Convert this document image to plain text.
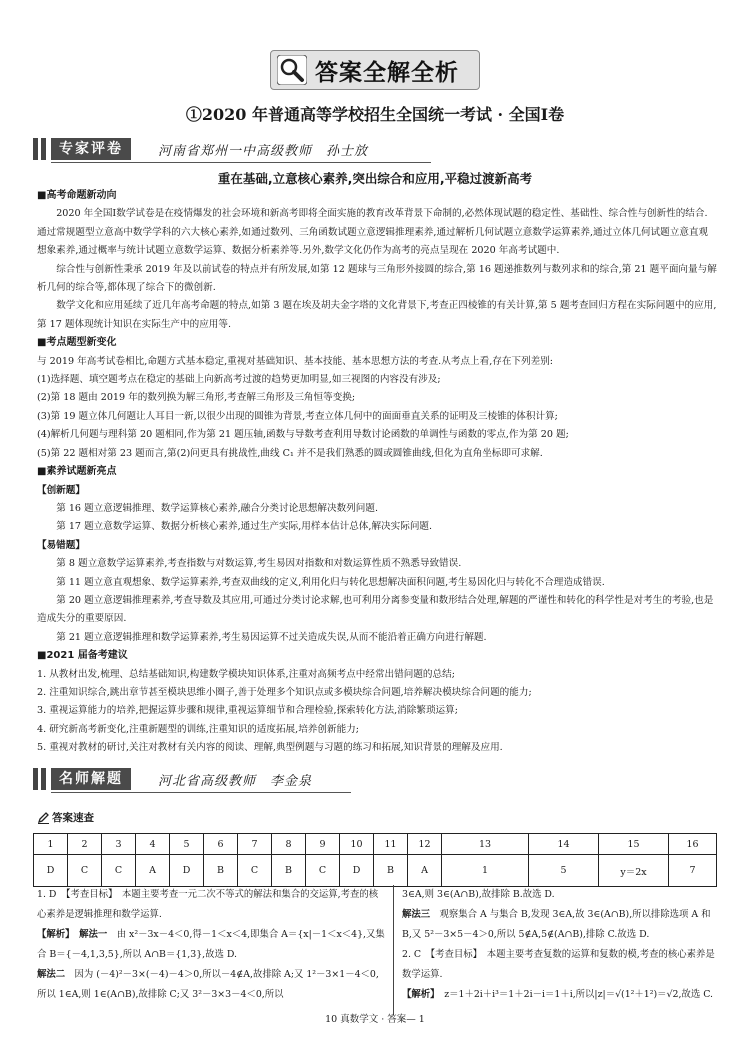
答案全解全析
①2020 年普通高等学校招生全国统一考试 · 全国Ⅰ卷
专家评卷	河南省郑州一中高级教师　孙士放
重在基础,立意核心素养,突出综合和应用,平稳过渡新高考

■高考命题新动向

2020 年全国Ⅰ数学试卷是在疫情爆发的社会环境和新高考即将全面实施的教育改革背景下命制的,必然体现试题的稳定性、基础性、综合性与创新性的结合.通过常规题型立意高中数学学科的六大核心素养,如通过数列、三角函数试题立意逻辑推理素养,通过解析几何试题立意数学运算素养,通过立体几何试题立意直观想象素养,通过概率与统计试题立意数学运算、数据分析素养等.另外,数学文化仍作为高考的亮点呈现在 2020 年高考试题中.

综合性与创新性秉承 2019 年及以前试卷的特点并有所发展,如第 12 题球与三角形外接圆的综合,第 16 题递推数列与数列求和的综合,第 21 题平面向量与解析几何的综合等,都体现了综合下的微创新.

数学文化和应用延续了近几年高考命题的特点,如第 3 题在埃及胡夫金字塔的文化背景下,考查正四棱锥的有关计算,第 5 题考查回归方程在实际问题中的应用,第 17 题体现统计知识在实际生产中的应用等.

■考点题型新变化

与 2019 年高考试卷相比,命题方式基本稳定,重视对基础知识、基本技能、基本思想方法的考查.从考点上看,存在下列差别:

(1)选择题、填空题考点在稳定的基础上向新高考过渡的趋势更加明显,如三视图的内容没有涉及;

(2)第 18 题由 2019 年的数列换为解三角形,考查解三角形及三角恒等变换;

(3)第 19 题立体几何题让人耳目一新,以很少出现的圆锥为背景,考查立体几何中的面面垂直关系的证明及三棱锥的体积计算;

(4)解析几何题与理科第 20 题相同,作为第 21 题压轴,函数与导数考查利用导数讨论函数的单调性与函数的零点,作为第 20 题;

(5)第 22 题相对第 23 题而言,第(2)问更具有挑战性,曲线 C₁ 并不是我们熟悉的圆或圆锥曲线,但化为直角坐标即可求解.

■素养试题新亮点

【创新题】

第 16 题立意逻辑推理、数学运算核心素养,融合分类讨论思想解决数列问题.

第 17 题立意数学运算、数据分析核心素养,通过生产实际,用样本估计总体,解决实际问题.

【易错题】

第 8 题立意数学运算素养,考查指数与对数运算,考生易因对指数和对数运算性质不熟悉导致错误.

第 11 题立意直观想象、数学运算素养,考查双曲线的定义,利用化归与转化思想解决面积问题,考生易因化归与转化不合理造成错误.

第 20 题立意逻辑推理素养,考查导数及其应用,可通过分类讨论求解,也可利用分离参变量和数形结合处理,解题的严谨性和转化的科学性是对考生的考验,也是造成失分的重要原因.

第 21 题立意逻辑推理和数学运算素养,考生易因运算不过关造成失误,从而不能沿着正确方向进行解题.

■2021 届备考建议

1. 从教材出发,梳理、总结基础知识,构建数学模块知识体系,注重对高频考点中经常出错问题的总结;

2. 注重知识综合,跳出章节甚至模块思维小圈子,善于处理多个知识点或多模块综合问题,培养解决模块综合问题的能力;

3. 重视运算能力的培养,把握运算步骤和规律,重视运算细节和合理检验,探索转化方法,消除繁琐运算;

4. 研究新高考新变化,注重新题型的训练,注重知识的适度拓展,培养创新能力;

5. 重视对教材的研讨,关注对教材有关内容的阅读、理解,典型例题与习题的练习和拓展,知识背景的理解及应用.

名师解题	河北省高级教师　李金泉
答案速查
1	2	3	4	5	6	7	8	9	10	11	12	13	14	15	16
D	C	C	A	D	B	C	B	C	D	B	A	1	5	y＝2x	7

1. D　【考查目标】　本题主要考查一元二次不等式的解法和集合的交运算,考查的核心素养是逻辑推理和数学运算.

【解析】　解法一　由 x²－3x－4＜0,得－1＜x＜4,即集合 A＝{x|－1＜x＜4},又集合 B＝{－4,1,3,5},所以 A∩B＝{1,3},故选 D.

解法二　因为 (－4)²－3×(－4)－4＞0,所以－4∉A,故排除 A;又 1²－3×1－4＜0,所以 1∈A,则 1∈(A∩B),故排除 C;又 3²－3×3－4＜0,所以

3∈A,则 3∈(A∩B),故排除 B.故选 D.

解法三　观察集合 A 与集合 B,发现 3∈A,故 3∈(A∩B),所以排除选项 A 和 B,又 5²－3×5－4＞0,所以 5∉A,5∉(A∩B),排除 C.故选 D.

2. C　【考查目标】　本题主要考查复数的运算和复数的模,考查的核心素养是数学运算.

【解析】　z＝1＋2i＋i³＝1＋2i－i＝1＋i,所以|z|＝√(1²＋1²)＝√2,故选 C.

10 真数学文 · 答案— 1
